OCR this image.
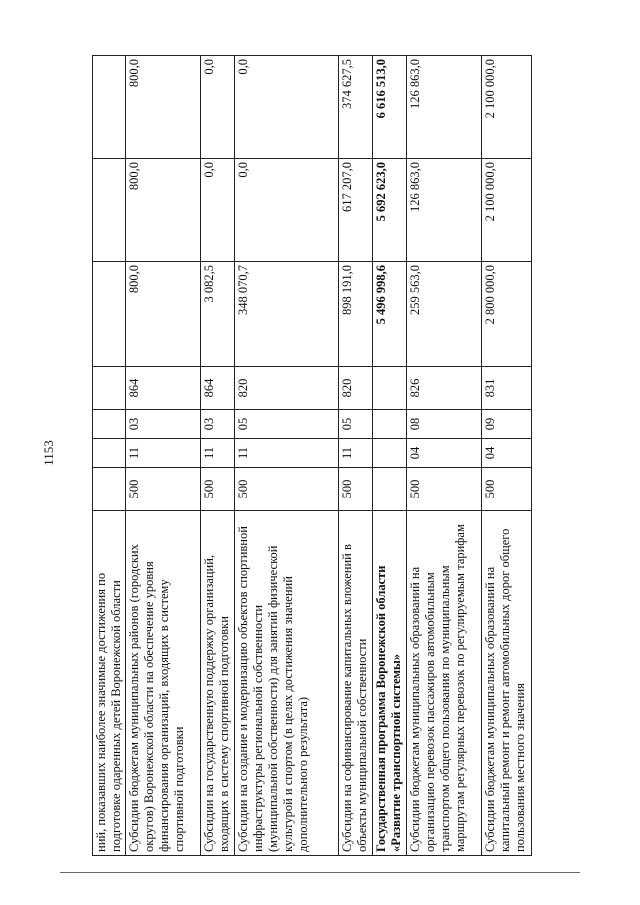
1153
ний, показавших наиболее значимые достижения по подготовке одаренных детей Воронежской области							
Субсидии бюджетам муниципальных районов (городских округов) Воронежской области на обеспечение уровня финансирования организаций, входящих в систему спортивной подготовки	500	11	03	864	800,0	800,0	800,0
Субсидии на государственную поддержку организаций, входящих в систему спортивной подготовки	500	11	03	864	3 082,5	0,0	0,0
Субсидии на создание и модернизацию объектов спортивной инфраструктуры региональной собственности (муниципальной собственности) для занятий физической культурой и спортом (в целях достижения значений дополнительного результата)	500	11	05	820	348 070,7	0,0	0,0
Субсидии на софинансирование капитальных вложений в объекты муниципальной собственности	500	11	05	820	898 191,0	617 207,0	374 627,5
Государственная программа Воронежской области «Развитие транспортной системы»					5 496 998,6	5 692 623,0	6 616 513,0
Субсидии бюджетам муниципальных образований на организацию перевозок пассажиров автомобильным транспортом общего пользования по муниципальным маршрутам регулярных перевозок по регулируемым тарифам	500	04	08	826	259 563,0	126 863,0	126 863,0
Субсидии бюджетам муниципальных образований на капитальный ремонт и ремонт автомобильных дорог общего пользования местного значения	500	04	09	831	2 800 000,0	2 100 000,0	2 100 000,0
